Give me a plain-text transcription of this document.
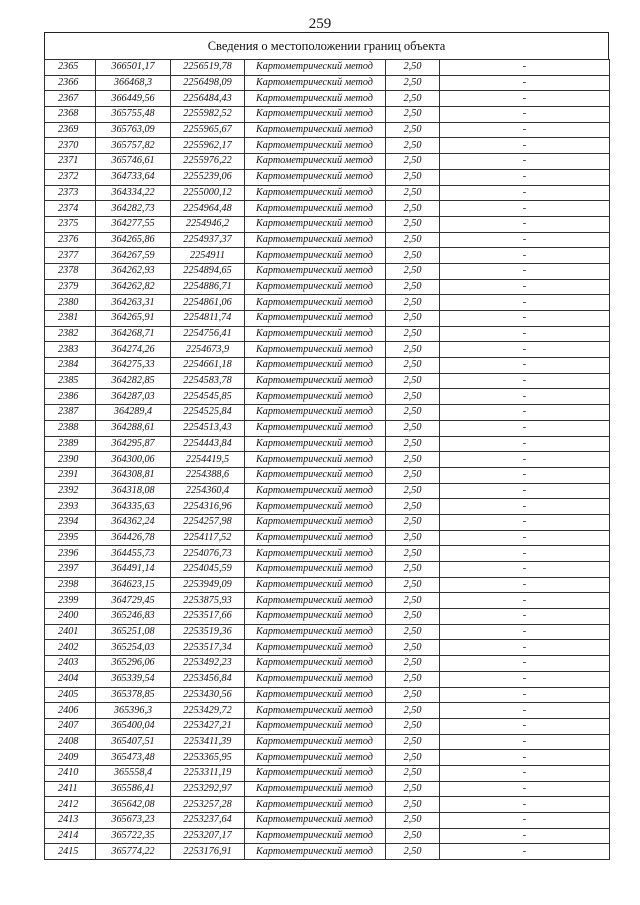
259
Сведения о местоположении границ объекта
2365	366501,17	2256519,78	Картометрический метод	2,50	-
2366	366468,3	2256498,09	Картометрический метод	2,50	-
2367	366449,56	2256484,43	Картометрический метод	2,50	-
2368	365755,48	2255982,52	Картометрический метод	2,50	-
2369	365763,09	2255965,67	Картометрический метод	2,50	-
2370	365757,82	2255962,17	Картометрический метод	2,50	-
2371	365746,61	2255976,22	Картометрический метод	2,50	-
2372	364733,64	2255239,06	Картометрический метод	2,50	-
2373	364334,22	2255000,12	Картометрический метод	2,50	-
2374	364282,73	2254964,48	Картометрический метод	2,50	-
2375	364277,55	2254946,2	Картометрический метод	2,50	-
2376	364265,86	2254937,37	Картометрический метод	2,50	-
2377	364267,59	2254911	Картометрический метод	2,50	-
2378	364262,93	2254894,65	Картометрический метод	2,50	-
2379	364262,82	2254886,71	Картометрический метод	2,50	-
2380	364263,31	2254861,06	Картометрический метод	2,50	-
2381	364265,91	2254811,74	Картометрический метод	2,50	-
2382	364268,71	2254756,41	Картометрический метод	2,50	-
2383	364274,26	2254673,9	Картометрический метод	2,50	-
2384	364275,33	2254661,18	Картометрический метод	2,50	-
2385	364282,85	2254583,78	Картометрический метод	2,50	-
2386	364287,03	2254545,85	Картометрический метод	2,50	-
2387	364289,4	2254525,84	Картометрический метод	2,50	-
2388	364288,61	2254513,43	Картометрический метод	2,50	-
2389	364295,87	2254443,84	Картометрический метод	2,50	-
2390	364300,06	2254419,5	Картометрический метод	2,50	-
2391	364308,81	2254388,6	Картометрический метод	2,50	-
2392	364318,08	2254360,4	Картометрический метод	2,50	-
2393	364335,63	2254316,96	Картометрический метод	2,50	-
2394	364362,24	2254257,98	Картометрический метод	2,50	-
2395	364426,78	2254117,52	Картометрический метод	2,50	-
2396	364455,73	2254076,73	Картометрический метод	2,50	-
2397	364491,14	2254045,59	Картометрический метод	2,50	-
2398	364623,15	2253949,09	Картометрический метод	2,50	-
2399	364729,45	2253875,93	Картометрический метод	2,50	-
2400	365246,83	2253517,66	Картометрический метод	2,50	-
2401	365251,08	2253519,36	Картометрический метод	2,50	-
2402	365254,03	2253517,34	Картометрический метод	2,50	-
2403	365296,06	2253492,23	Картометрический метод	2,50	-
2404	365339,54	2253456,84	Картометрический метод	2,50	-
2405	365378,85	2253430,56	Картометрический метод	2,50	-
2406	365396,3	2253429,72	Картометрический метод	2,50	-
2407	365400,04	2253427,21	Картометрический метод	2,50	-
2408	365407,51	2253411,39	Картометрический метод	2,50	-
2409	365473,48	2253365,95	Картометрический метод	2,50	-
2410	365558,4	2253311,19	Картометрический метод	2,50	-
2411	365586,41	2253292,97	Картометрический метод	2,50	-
2412	365642,08	2253257,28	Картометрический метод	2,50	-
2413	365673,23	2253237,64	Картометрический метод	2,50	-
2414	365722,35	2253207,17	Картометрический метод	2,50	-
2415	365774,22	2253176,91	Картометрический метод	2,50	-
